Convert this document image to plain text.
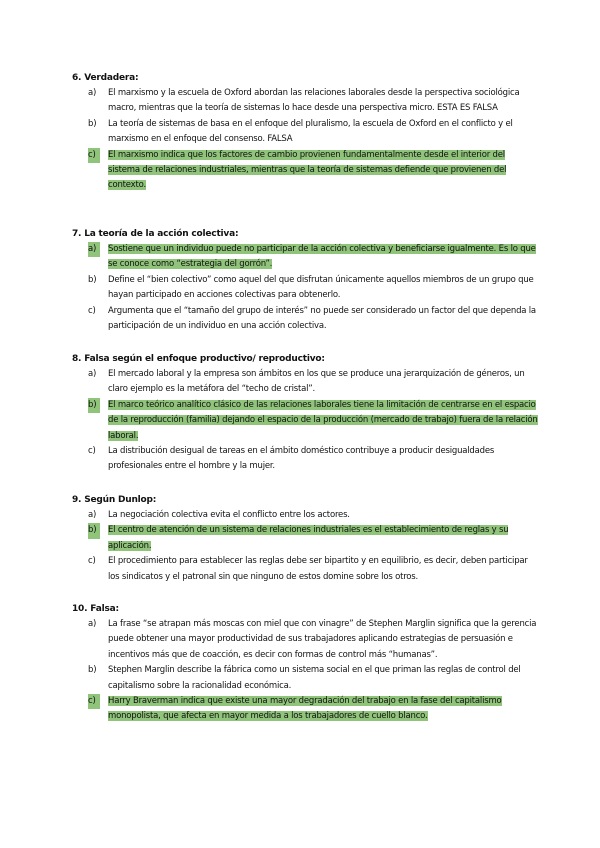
6. Verdadera:
a) El marxismo y la escuela de Oxford abordan las relaciones laborales desde la perspectiva sociológica macro, mientras que la teoría de sistemas lo hace desde una perspectiva micro. ESTA ES FALSA
b) La teoría de sistemas de basa en el enfoque del pluralismo, la escuela de Oxford en el conflicto y el marxismo en el enfoque del consenso. FALSA
c)	El marxismo indica que los factores de cambio provienen fundamentalmente desde el interior del sistema de relaciones industriales, mientras que la teoría de sistemas defiende que provienen del contexto.
7. La teoría de la acción colectiva:
a)	Sostiene que un individuo puede no participar de la acción colectiva y beneficiarse igualmente. Es lo que se conoce como “estrategia del gorrón”.
b) Define el “bien colectivo” como aquel del que disfrutan únicamente aquellos miembros de un grupo que hayan participado en acciones colectivas para obtenerlo.
c) Argumenta que el “tamaño del grupo de interés” no puede ser considerado un factor del que dependa la participación de un individuo en una acción colectiva.
8. Falsa según el enfoque productivo/ reproductivo:
a) El mercado laboral y la empresa son ámbitos en los que se produce una jerarquización de géneros, un claro ejemplo es la metáfora del “techo de cristal”.
b)	El marco teórico analítico clásico de las relaciones laborales tiene la limitación de centrarse en el espacio de la reproducción (familia) dejando el espacio de la producción (mercado de trabajo) fuera de la relación laboral.
c) La distribución desigual de tareas en el ámbito doméstico contribuye a producir desigualdades profesionales entre el hombre y la mujer.
9. Según Dunlop:
a) La negociación colectiva evita el conflicto entre los actores.
b)	El centro de atención de un sistema de relaciones industriales es el establecimiento de reglas y su aplicación.
c) El procedimiento para establecer las reglas debe ser bipartito y en equilibrio, es decir, deben participar los sindicatos y el patronal sin que ninguno de estos domine sobre los otros.
10. Falsa:
a) La frase “se atrapan más moscas con miel que con vinagre” de Stephen Marglin significa que la gerencia puede obtener una mayor productividad de sus trabajadores aplicando estrategias de persuasión e incentivos más que de coacción, es decir con formas de control más “humanas”.
b) Stephen Marglin describe la fábrica como un sistema social en el que priman las reglas de control del capitalismo sobre la racionalidad económica.
c)	Harry Braverman indica que existe una mayor degradación del trabajo en la fase del capitalismo monopolista, que afecta en mayor medida a los trabajadores de cuello blanco.
